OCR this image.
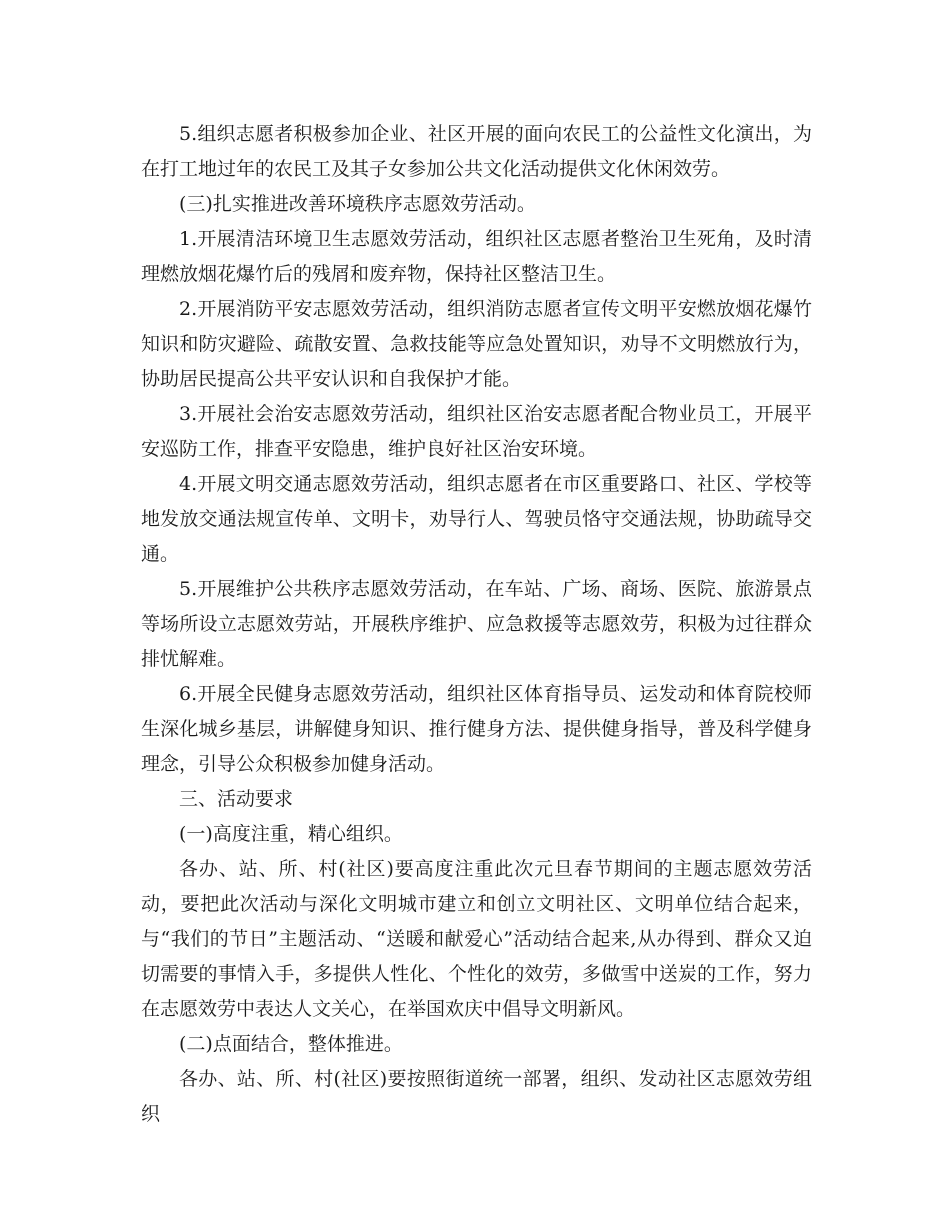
5.组织志愿者积极参加企业、社区开展的面向农民工的公益性文化演出，为在打工地过年的农民工及其子女参加公共文化活动提供文化休闲效劳。

(三)扎实推进改善环境秩序志愿效劳活动。

1.开展清洁环境卫生志愿效劳活动，组织社区志愿者整治卫生死角，及时清理燃放烟花爆竹后的残屑和废弃物，保持社区整洁卫生。

2.开展消防平安志愿效劳活动，组织消防志愿者宣传文明平安燃放烟花爆竹知识和防灾避险、疏散安置、急救技能等应急处置知识，劝导不文明燃放行为，协助居民提高公共平安认识和自我保护才能。

3.开展社会治安志愿效劳活动，组织社区治安志愿者配合物业员工，开展平安巡防工作，排查平安隐患，维护良好社区治安环境。

4.开展文明交通志愿效劳活动，组织志愿者在市区重要路口、社区、学校等地发放交通法规宣传单、文明卡，劝导行人、驾驶员恪守交通法规，协助疏导交通。

5.开展维护公共秩序志愿效劳活动，在车站、广场、商场、医院、旅游景点等场所设立志愿效劳站，开展秩序维护、应急救援等志愿效劳，积极为过往群众排忧解难。

6.开展全民健身志愿效劳活动，组织社区体育指导员、运发动和体育院校师生深化城乡基层，讲解健身知识、推行健身方法、提供健身指导，普及科学健身理念，引导公众积极参加健身活动。

三、活动要求

(一)高度注重，精心组织。

各办、站、所、村(社区)要高度注重此次元旦春节期间的主题志愿效劳活动，要把此次活动与深化文明城市建立和创立文明社区、文明单位结合起来，与“我们的节日”主题活动、“送暖和献爱心”活动结合起来,从办得到、群众又迫切需要的事情入手，多提供人性化、个性化的效劳，多做雪中送炭的工作，努力在志愿效劳中表达人文关心，在举国欢庆中倡导文明新风。

(二)点面结合，整体推进。

各办、站、所、村(社区)要按照街道统一部署，组织、发动社区志愿效劳组织
